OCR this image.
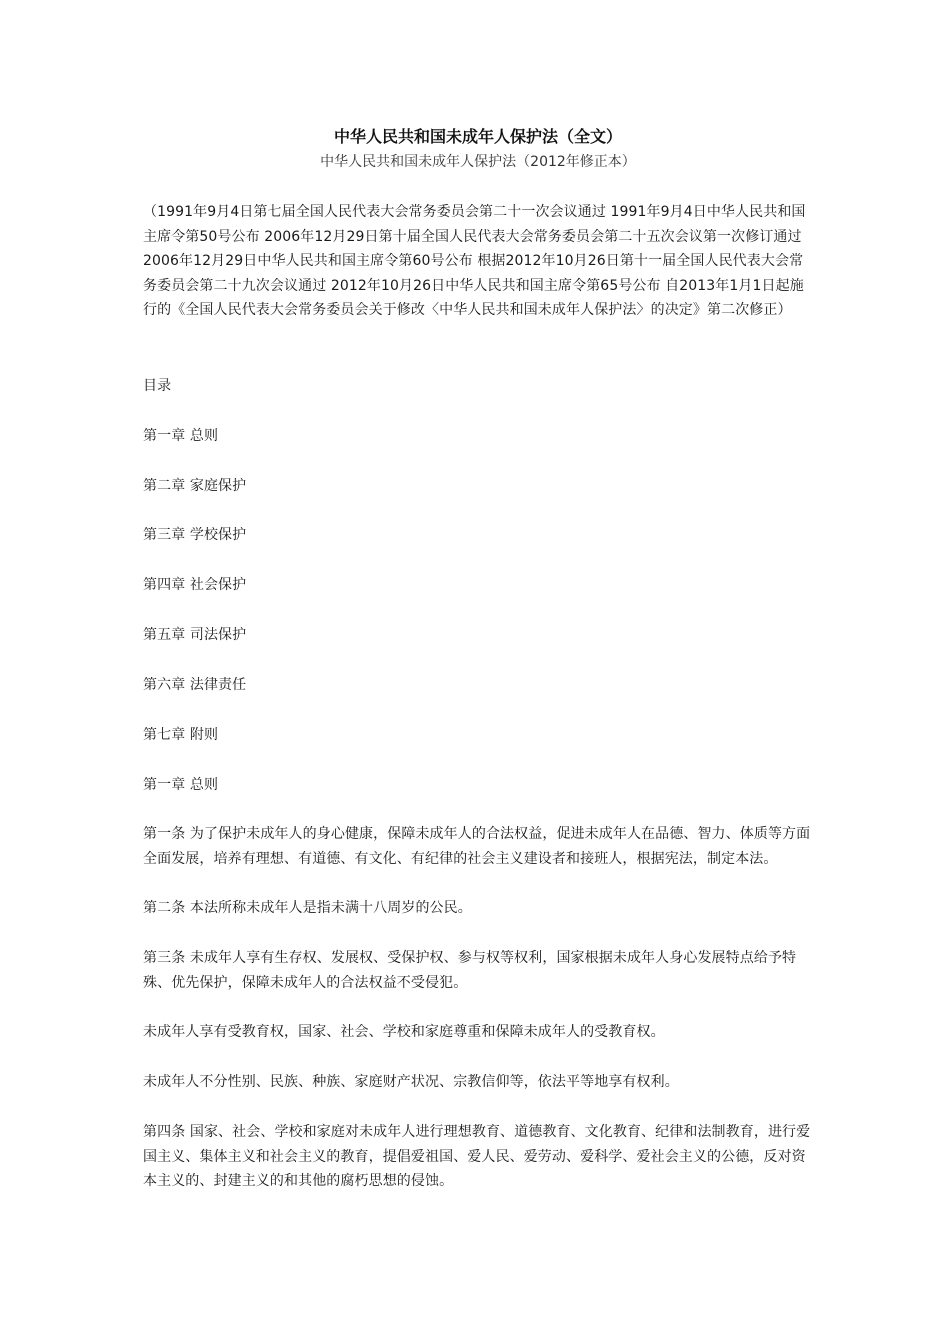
中华人民共和国未成年人保护法（全文）
中华人民共和国未成年人保护法（2012年修正本）

（1991年9月4日第七届全国人民代表大会常务委员会第二十一次会议通过 1991年9月4日中华人民共和国主席令第50号公布 2006年12月29日第十届全国人民代表大会常务委员会第二十五次会议第一次修订通过 2006年12月29日中华人民共和国主席令第60号公布 根据2012年10月26日第十一届全国人民代表大会常务委员会第二十九次会议通过 2012年10月26日中华人民共和国主席令第65号公布 自2013年1月1日起施行的《全国人民代表大会常务委员会关于修改〈中华人民共和国未成年人保护法〉的决定》第二次修正）

目录

第一章 总则

第二章 家庭保护

第三章 学校保护

第四章 社会保护

第五章 司法保护

第六章 法律责任

第七章 附则

第一章 总则

第一条 为了保护未成年人的身心健康，保障未成年人的合法权益，促进未成年人在品德、智力、体质等方面全面发展，培养有理想、有道德、有文化、有纪律的社会主义建设者和接班人，根据宪法，制定本法。

第二条 本法所称未成年人是指未满十八周岁的公民。

第三条 未成年人享有生存权、发展权、受保护权、参与权等权利，国家根据未成年人身心发展特点给予特殊、优先保护，保障未成年人的合法权益不受侵犯。

未成年人享有受教育权，国家、社会、学校和家庭尊重和保障未成年人的受教育权。

未成年人不分性别、民族、种族、家庭财产状况、宗教信仰等，依法平等地享有权利。

第四条 国家、社会、学校和家庭对未成年人进行理想教育、道德教育、文化教育、纪律和法制教育，进行爱国主义、集体主义和社会主义的教育，提倡爱祖国、爱人民、爱劳动、爱科学、爱社会主义的公德，反对资本主义的、封建主义的和其他的腐朽思想的侵蚀。
